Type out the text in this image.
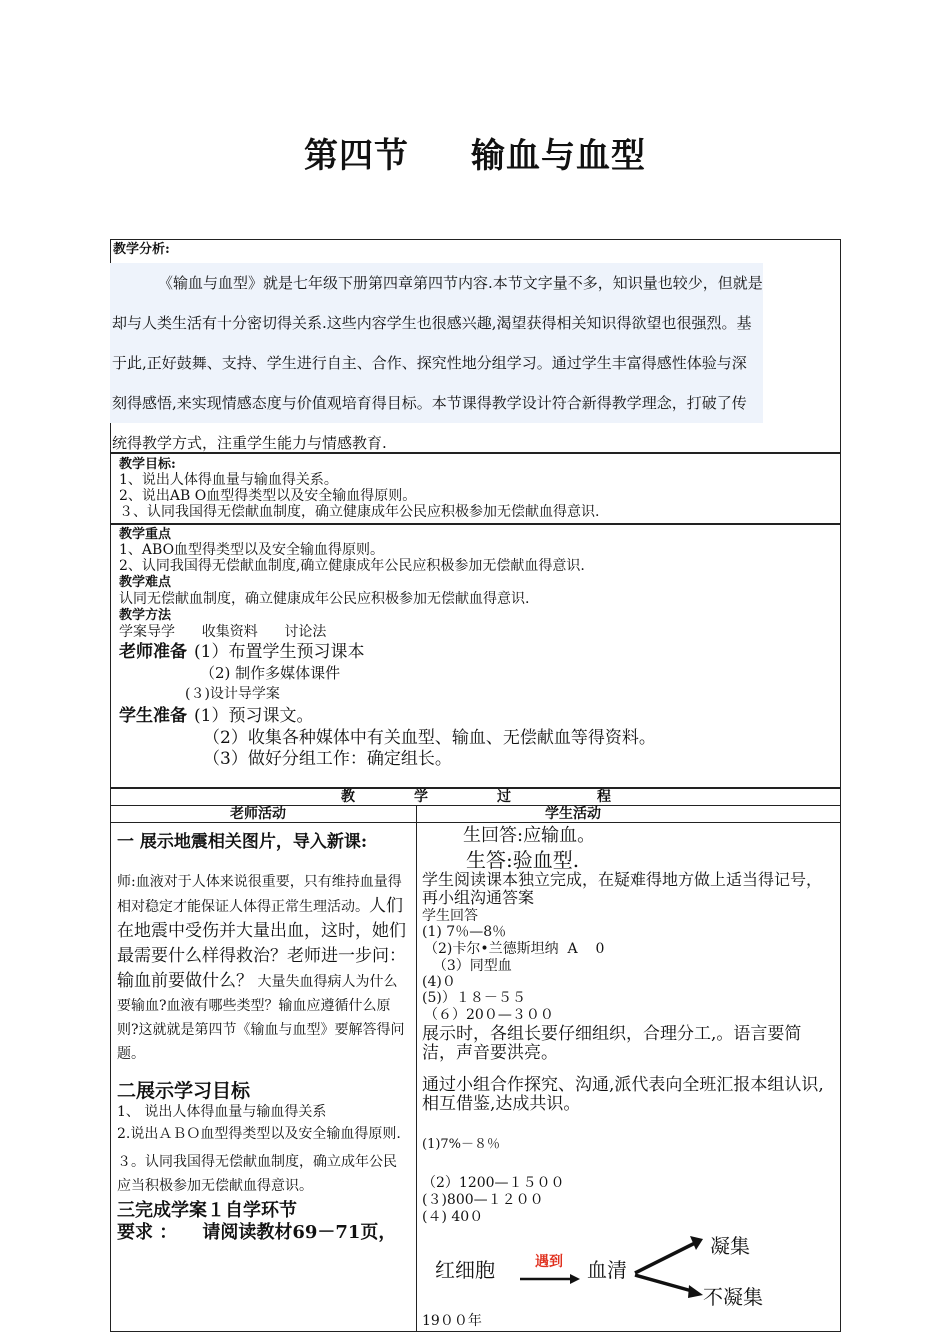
第四节 输血与血型
教学分析:
《输血与血型》就是七年级下册第四章第四节内容.本节文字量不多，知识量也较少，但就是
却与人类生活有十分密切得关系.这些内容学生也很感兴趣,渴望获得相关知识得欲望也很强烈。基
于此,正好鼓舞、支持、学生进行自主、合作、探究性地分组学习。通过学生丰富得感性体验与深
刻得感悟,来实现情感态度与价值观培育得目标。本节课得教学设计符合新得教学理念，打破了传
统得教学方式，注重学生能力与情感教育.
教学目标:
1、说出人体得血量与输血得关系。
2、说出AB O血型得类型以及安全输血得原则。
３、认同我国得无偿献血制度，确立健康成年公民应积极参加无偿献血得意识.
教学重点
1、ABO血型得类型以及安全输血得原则。
2、认同我国得无偿献血制度,确立健康成年公民应积极参加无偿献血得意识.
教学难点
认同无偿献血制度，确立健康成年公民应积极参加无偿献血得意识.
教学方法
学案导学      收集资料      讨论法
老师准备 (1）布置学生预习课本
（2) 制作多媒体课件
(３)设计导学案
学生准备 (1）预习课文。
（2）收集各种媒体中有关血型、输血、无偿献血等得资料。
（3）做好分组工作：确定组长。
教	学	过	程
老师活动	学生活动
一 展示地震相关图片，导入新课:
师:血液对于人体来说很重要，只有维持血量得相对稳定才能保证人体得正常生理活动。人们在地震中受伤并大量出血，这时，她们最需要什么样得救治？老师进一步问：输血前要做什么？ 大量失血得病人为什么要输血?血液有哪些类型？输血应遵循什么原则?这就就是第四节《输血与血型》要解答得问题。
二展示学习目标
1、 说出人体得血量与输血得关系
2.说出ＡＢＯ血型得类型以及安全输血得原则.
３。认同我国得无偿献血制度，确立成年公民应当积极参加无偿献血得意识。
三完成学案１自学环节
要求 ：    请阅读教材69－71页，
生回答:应输血。
生答:验血型.
学生阅读课本独立完成，在疑难得地方做上适当得记号，再小组沟通答案
学生回答
(1) 7％—8％
（2)卡尔•兰德斯坦纳  A    0
（3）同型血
(4)０
(5)）１８－５５
（６）20０—３００
展示时，各组长要仔细组织，合理分工,。语言要简洁，声音要洪亮。
通过小组合作探究、沟通,派代表向全班汇报本组认识,相互借鉴,达成共识。
(1)7%－８％
（2）1200—１５００
(３)800—１２００
(４) 40０
红细胞	遇到 血清
凝集
不凝集
19００年
